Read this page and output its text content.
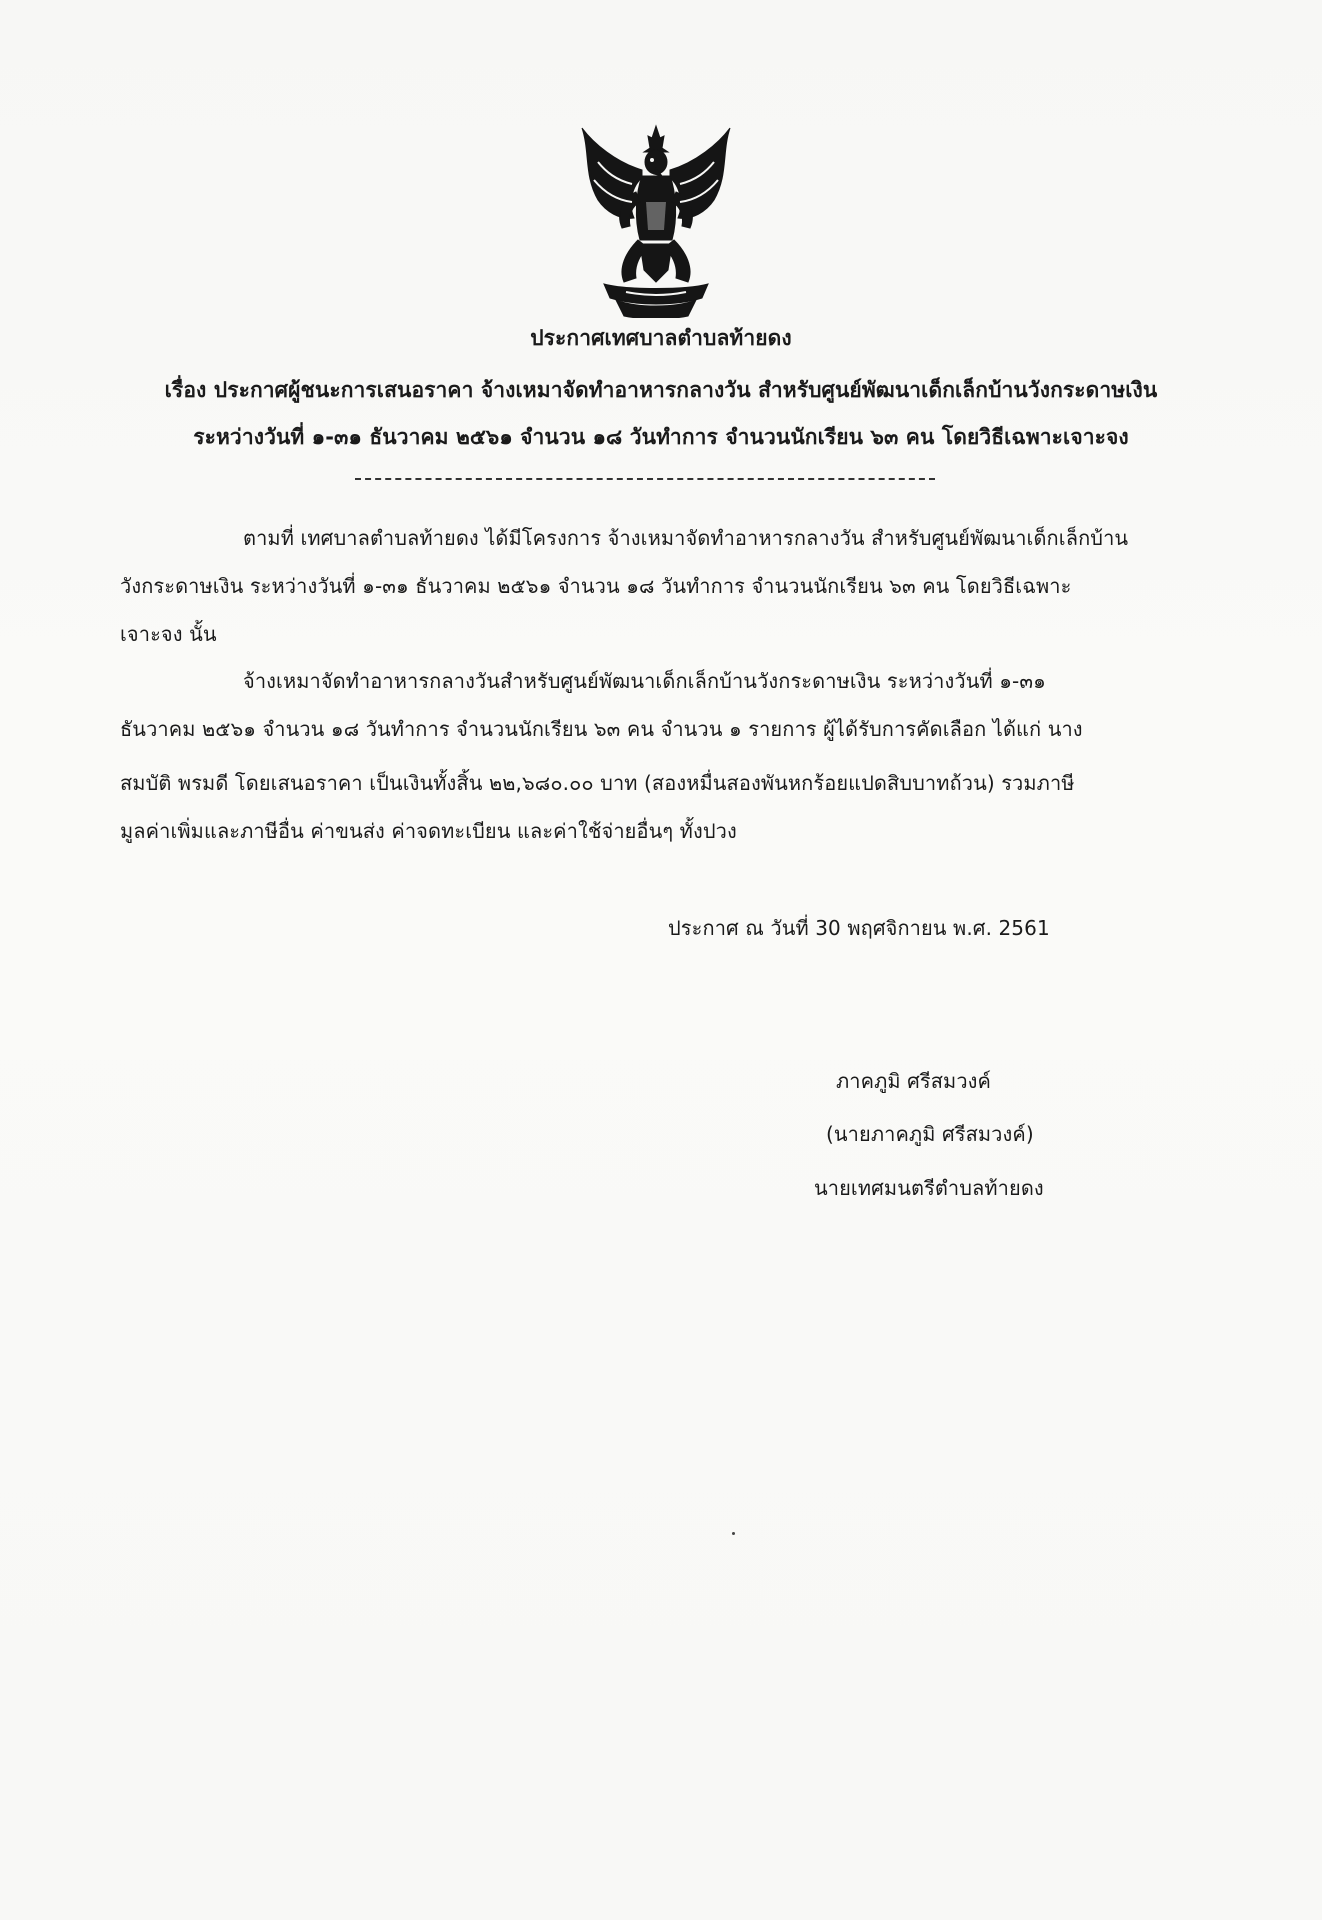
ประกาศเทศบาลตำบลท้ายดง
เรื่อง ประกาศผู้ชนะการเสนอราคา จ้างเหมาจัดทำอาหารกลางวัน สำหรับศูนย์พัฒนาเด็กเล็กบ้านวังกระดาษเงิน
ระหว่างวันที่ ๑-๓๑ ธันวาคม ๒๕๖๑ จำนวน ๑๘ วันทำการ จำนวนนักเรียน ๖๓ คน โดยวิธีเฉพาะเจาะจง
ตามที่ เทศบาลตำบลท้ายดง ได้มีโครงการ จ้างเหมาจัดทำอาหารกลางวัน สำหรับศูนย์พัฒนาเด็กเล็กบ้าน
วังกระดาษเงิน ระหว่างวันที่ ๑-๓๑ ธันวาคม ๒๕๖๑ จำนวน ๑๘ วันทำการ จำนวนนักเรียน ๖๓ คน โดยวิธีเฉพาะ
เจาะจง นั้น
จ้างเหมาจัดทำอาหารกลางวันสำหรับศูนย์พัฒนาเด็กเล็กบ้านวังกระดาษเงิน ระหว่างวันที่ ๑-๓๑
ธันวาคม ๒๕๖๑ จำนวน ๑๘ วันทำการ จำนวนนักเรียน ๖๓ คน จำนวน ๑ รายการ ผู้ได้รับการคัดเลือก ได้แก่ นาง
สมบัติ พรมดี โดยเสนอราคา เป็นเงินทั้งสิ้น ๒๒,๖๘๐.๐๐ บาท (สองหมื่นสองพันหกร้อยแปดสิบบาทถ้วน) รวมภาษี
มูลค่าเพิ่มและภาษีอื่น ค่าขนส่ง ค่าจดทะเบียน และค่าใช้จ่ายอื่นๆ ทั้งปวง
ประกาศ ณ วันที่ 30 พฤศจิกายน พ.ศ. 2561
ภาคภูมิ ศรีสมวงค์
(นายภาคภูมิ ศรีสมวงค์)
นายเทศมนตรีตำบลท้ายดง
